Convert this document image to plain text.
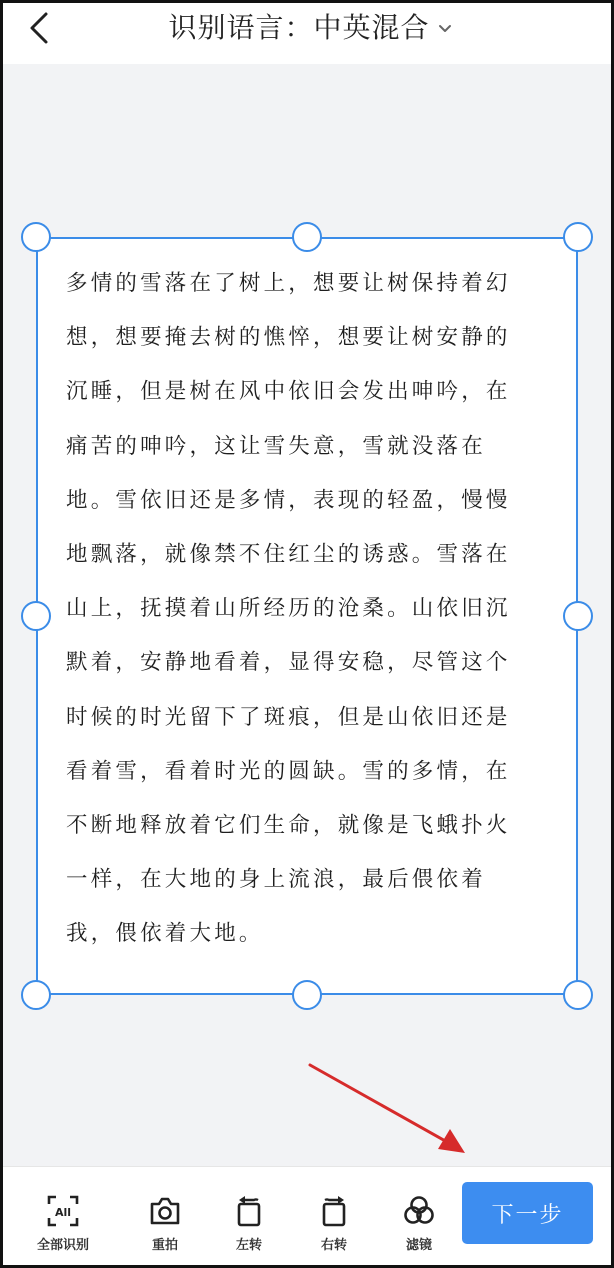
识别语言：中英混合
多情的雪落在了树上，想要让树保持着幻
想，想要掩去树的憔悴，想要让树安静的
沉睡，但是树在风中依旧会发出呻吟，在
痛苦的呻吟，这让雪失意，雪就没落在
地。雪依旧还是多情，表现的轻盈，慢慢
地飘落，就像禁不住红尘的诱惑。雪落在
山上，抚摸着山所经历的沧桑。山依旧沉
默着，安静地看着，显得安稳，尽管这个
时候的时光留下了斑痕，但是山依旧还是
看着雪，看着时光的圆缺。雪的多情，在
不断地释放着它们生命，就像是飞蛾扑火
一样，在大地的身上流浪，最后偎依着
我，偎依着大地。
All
全部识别	重拍	左转	右转	滤镜
下一步
